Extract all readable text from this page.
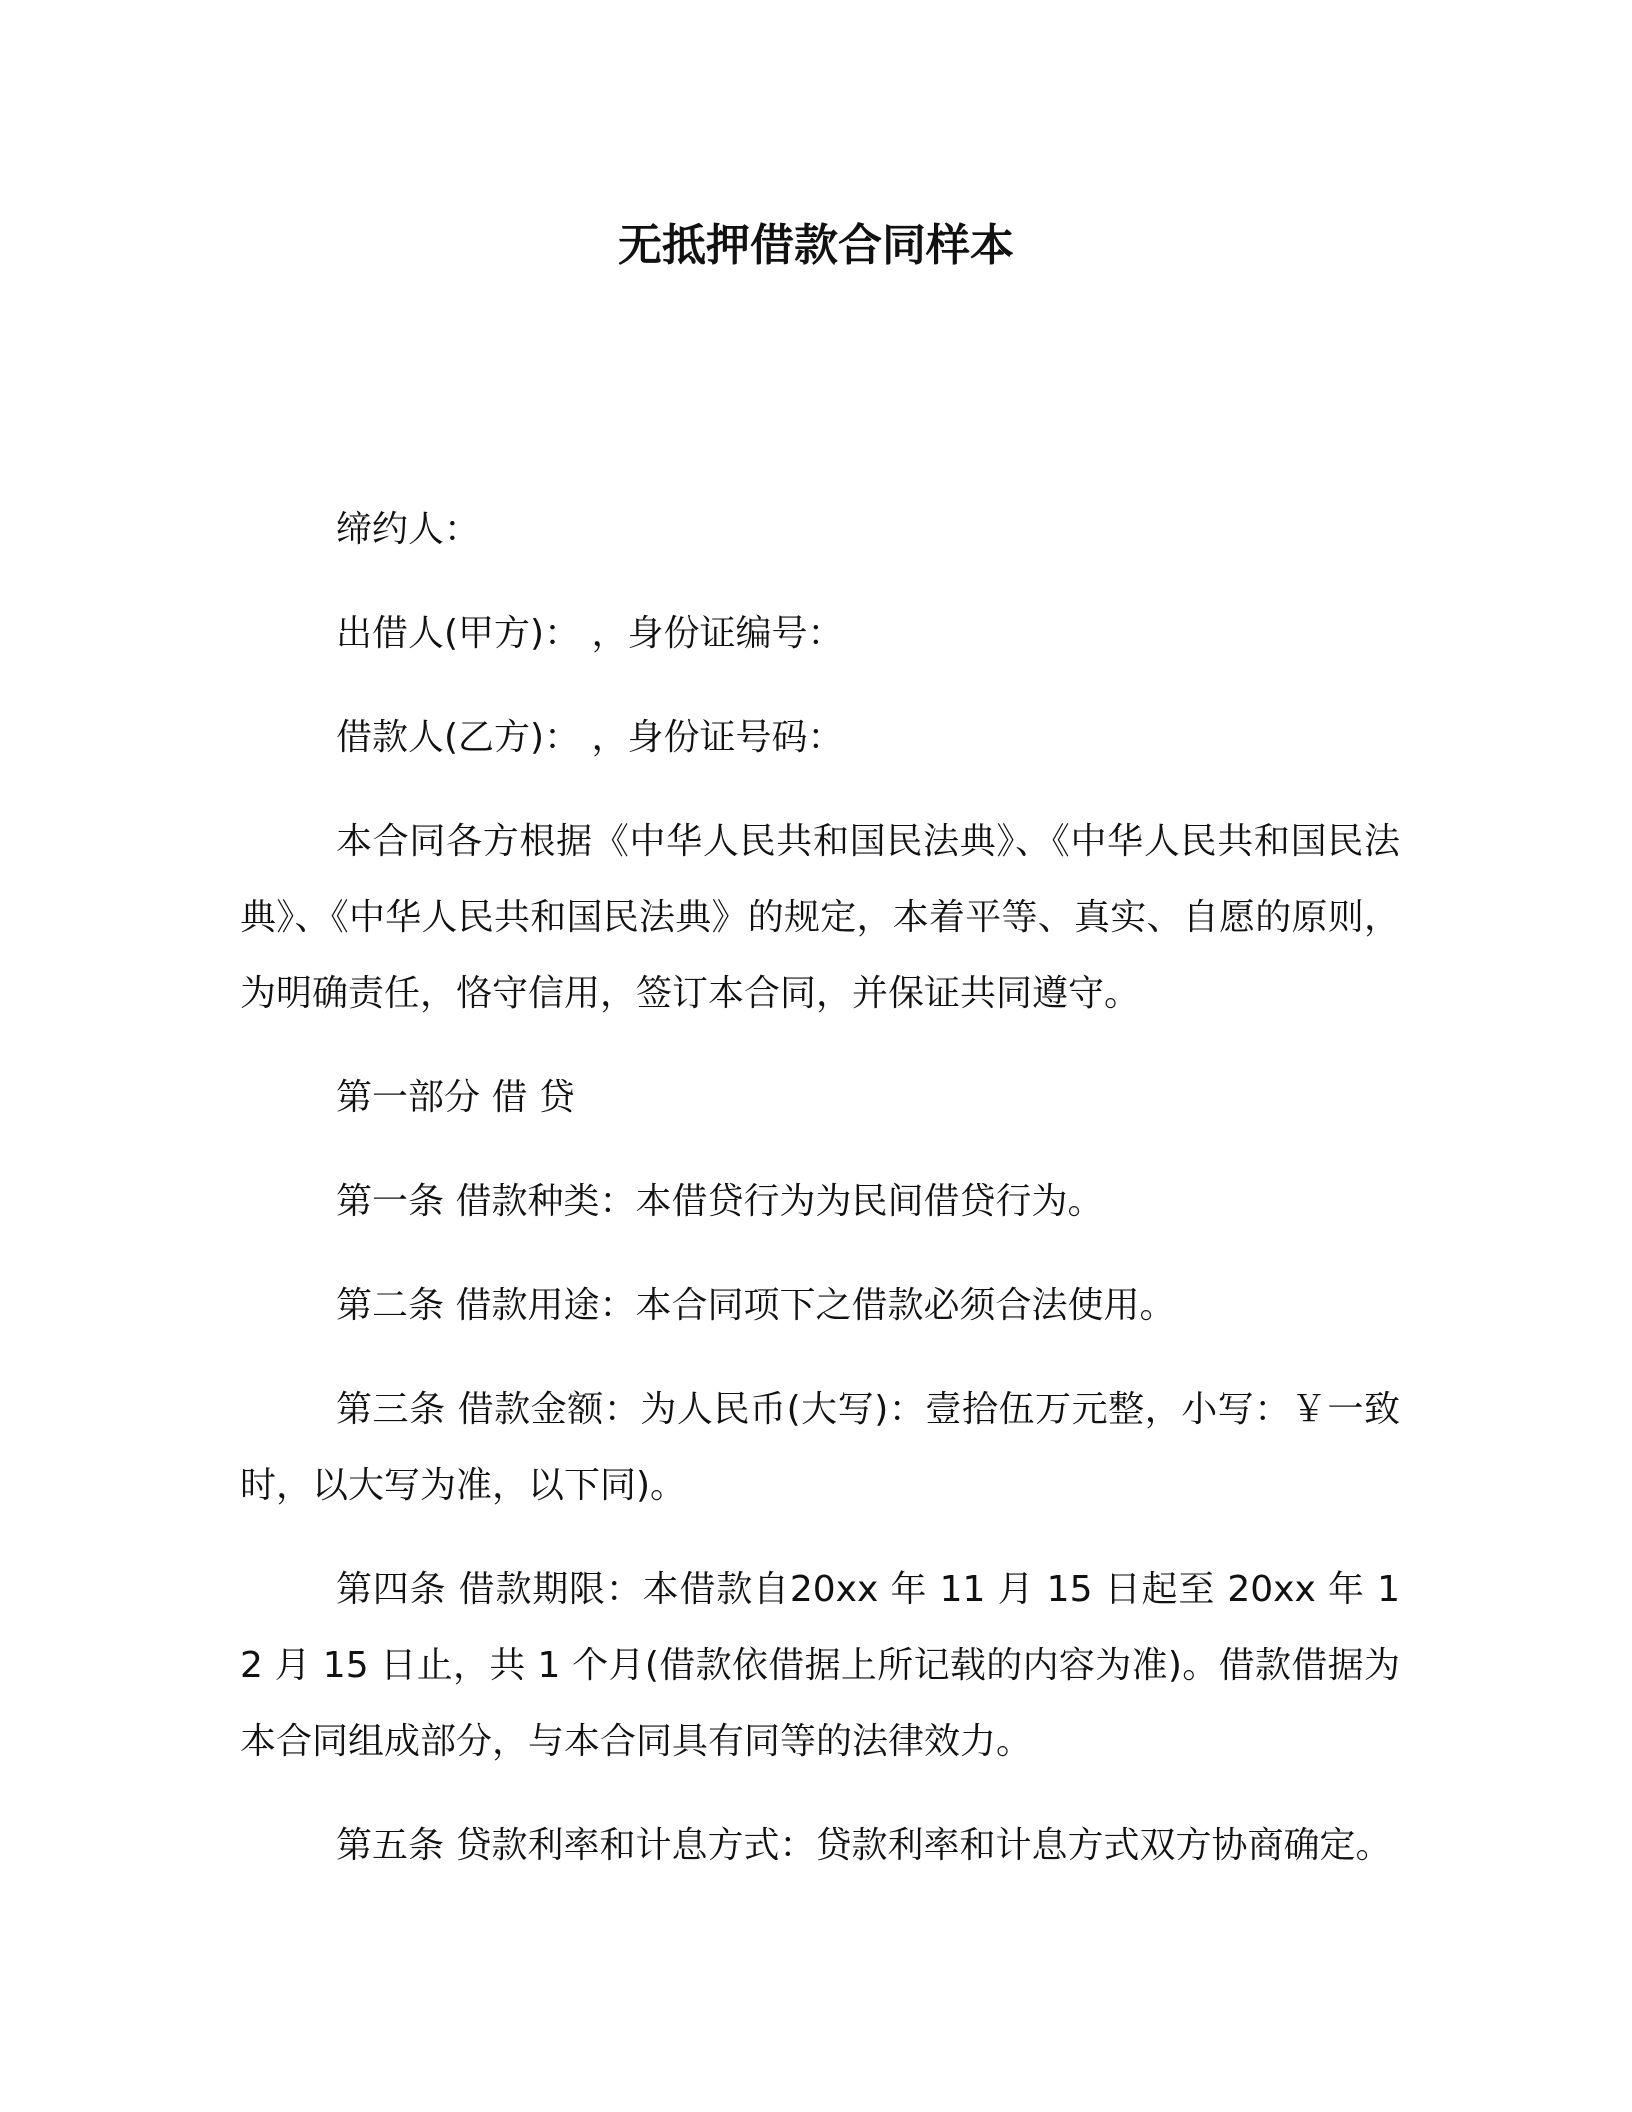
无抵押借款合同样本

缔约人：

出借人(甲方)： ，身份证编号：

借款人(乙方)： ，身份证号码：

本合同各方根据《中华人民共和国民法典》、《中华人民共和国民法典》、《中华人民共和国民法典》的规定，本着平等、真实、自愿的原则，为明确责任，恪守信用，签订本合同，并保证共同遵守。

第一部分 借 贷

第一条 借款种类：本借贷行为为民间借贷行为。

第二条 借款用途：本合同项下之借款必须合法使用。

第三条 借款金额：为人民币(大写)：壹拾伍万元整，小写：￥一致时，以大写为准，以下同)。

第四条 借款期限：本借款自20xx 年 11 月 15 日起至 20xx 年 12 月 15 日止，共 1 个月(借款依借据上所记载的内容为准)。借款借据为本合同组成部分，与本合同具有同等的法律效力。

第五条 贷款利率和计息方式：贷款利率和计息方式双方协商确定。
